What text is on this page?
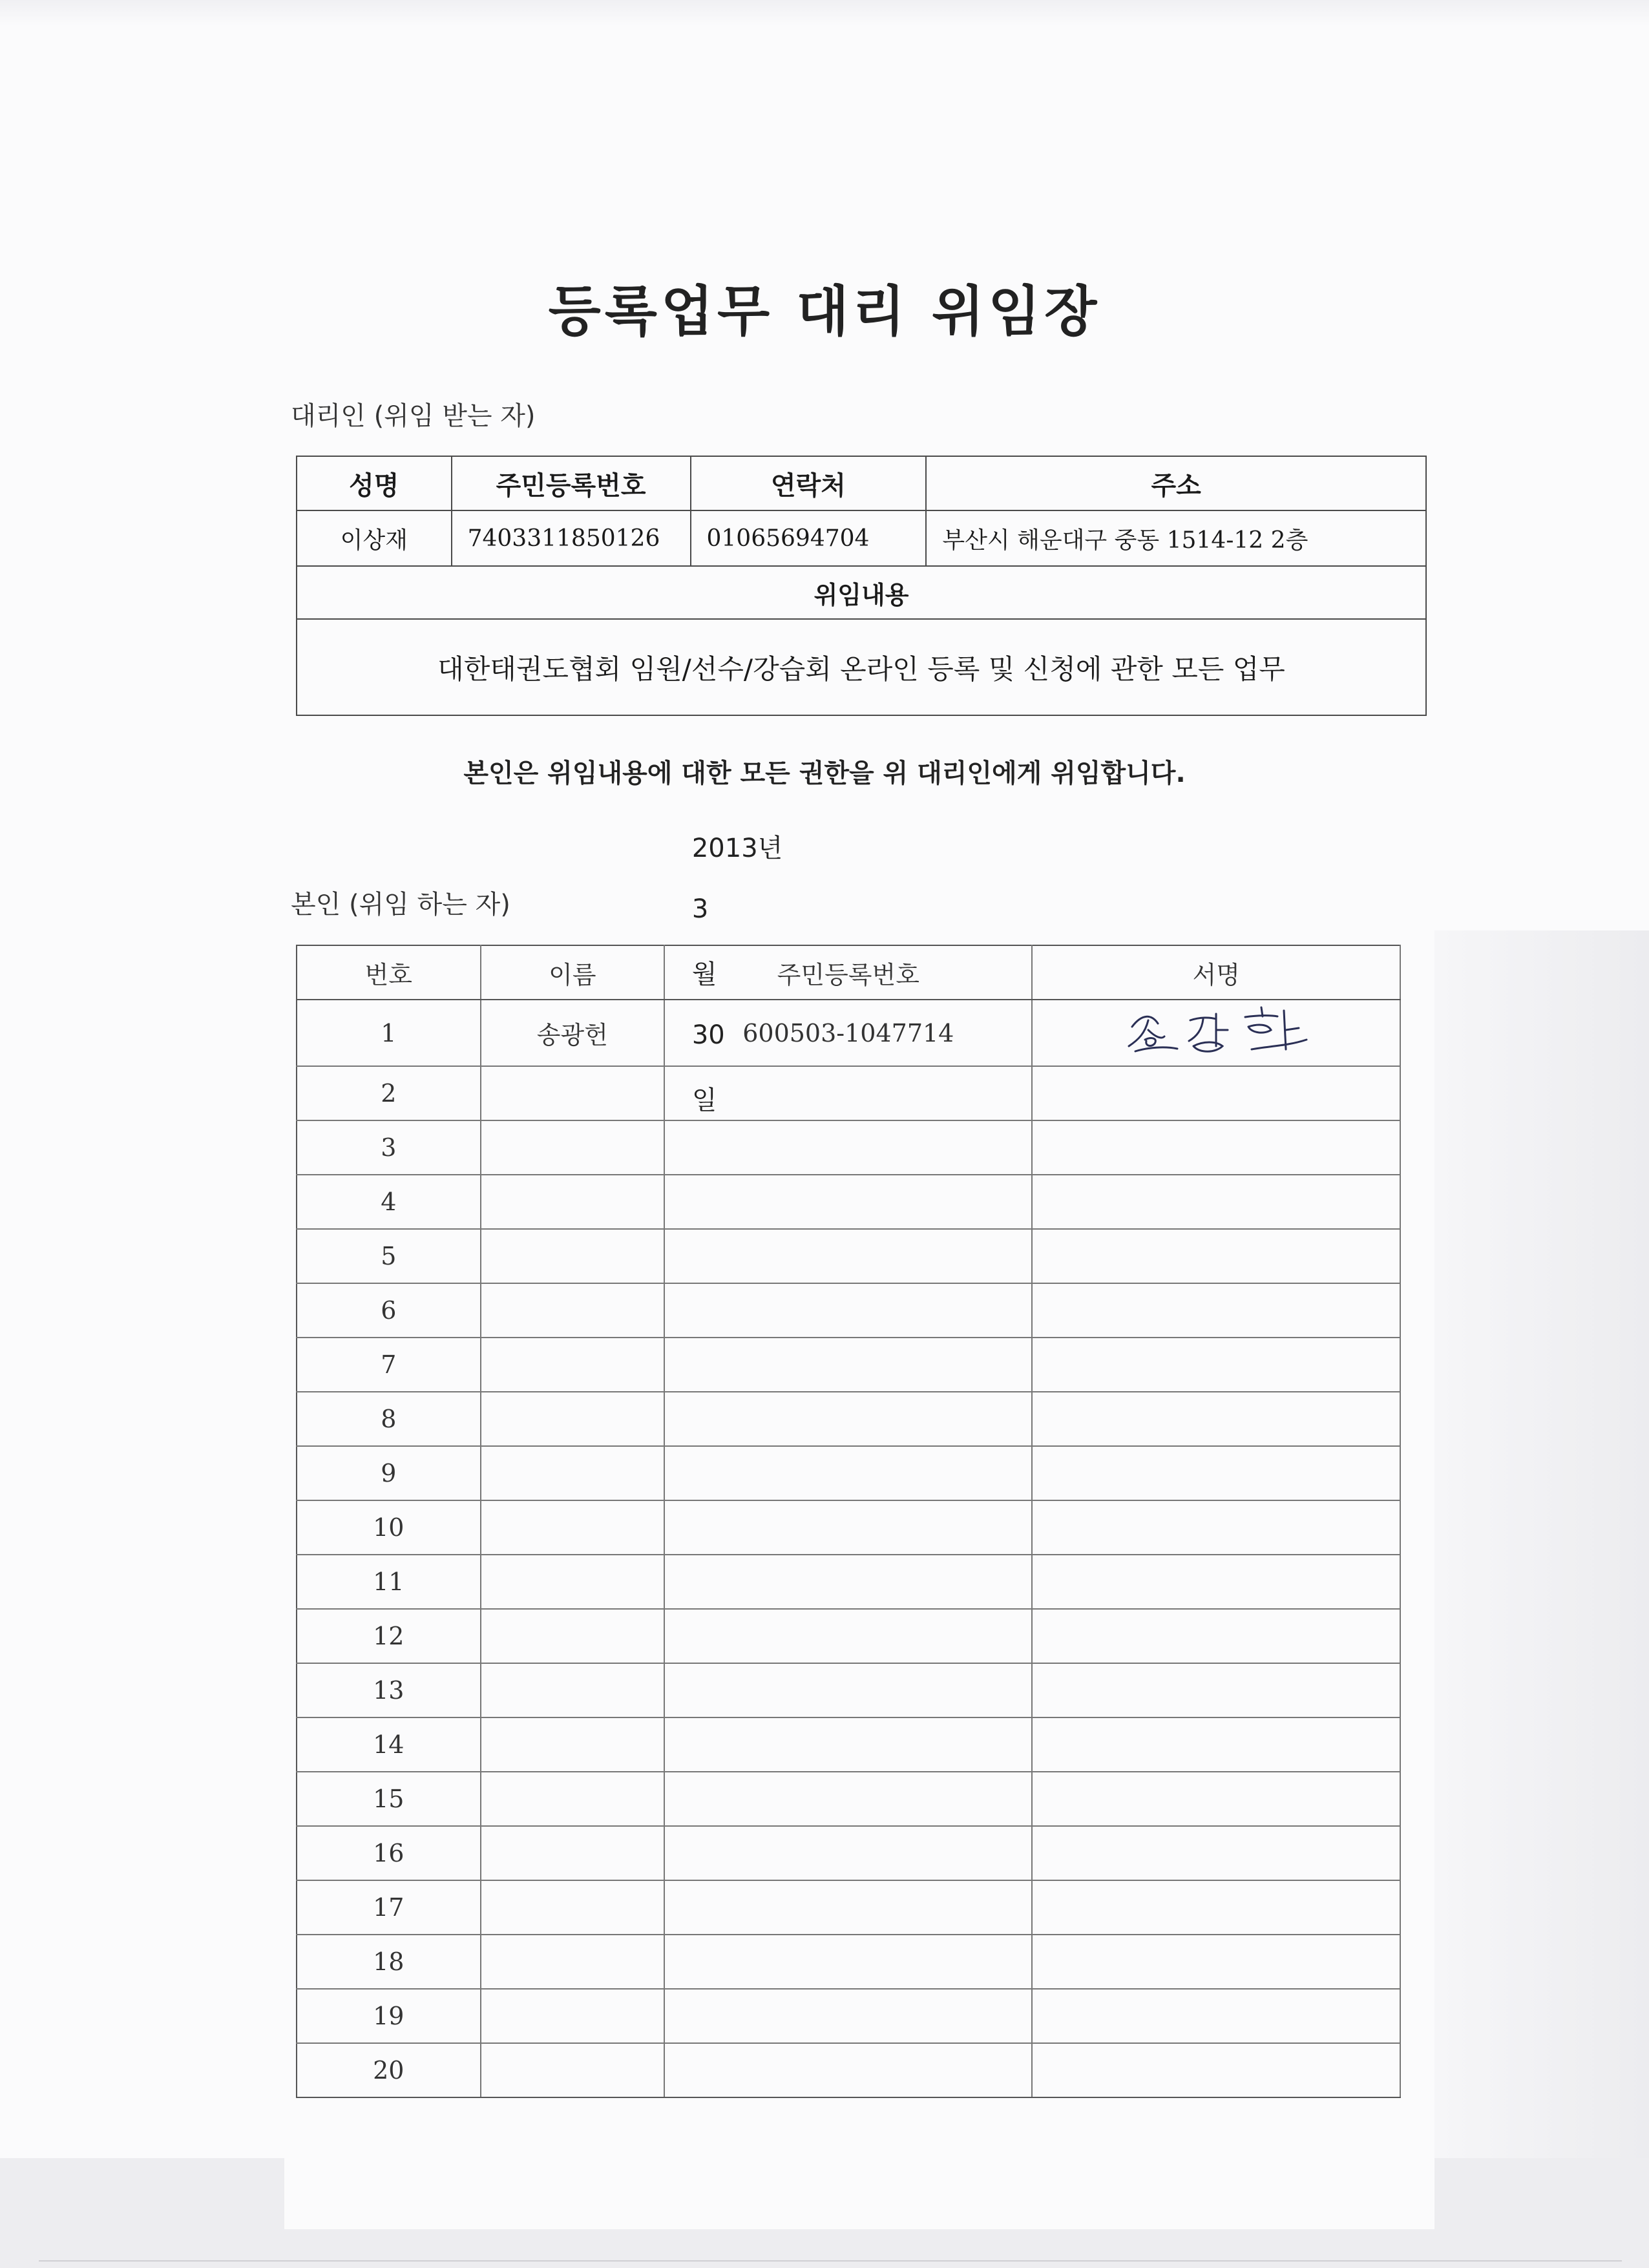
등록업무 대리 위임장
대리인 (위임 받는 자)
성명	주민등록번호	연락처	주소
이상재	7403311850126	01065694704	부산시 해운대구 중동 1514-12 2층
위임내용			
대한태권도협회 임원/선수/강습회 온라인 등록 및 신청에 관한 모든 업무			
본인은 위임내용에 대한 모든 권한을 위 대리인에게 위임합니다.

2013년

3

월

30

일

본인 (위임 하는 자)
번호	이름	주민등록번호	서명
1	송광헌	600503-1047714	
2			
3			
4			
5			
6			
7			
8			
9			
10			
11			
12			
13			
14			
15			
16			
17			
18			
19			
20			
